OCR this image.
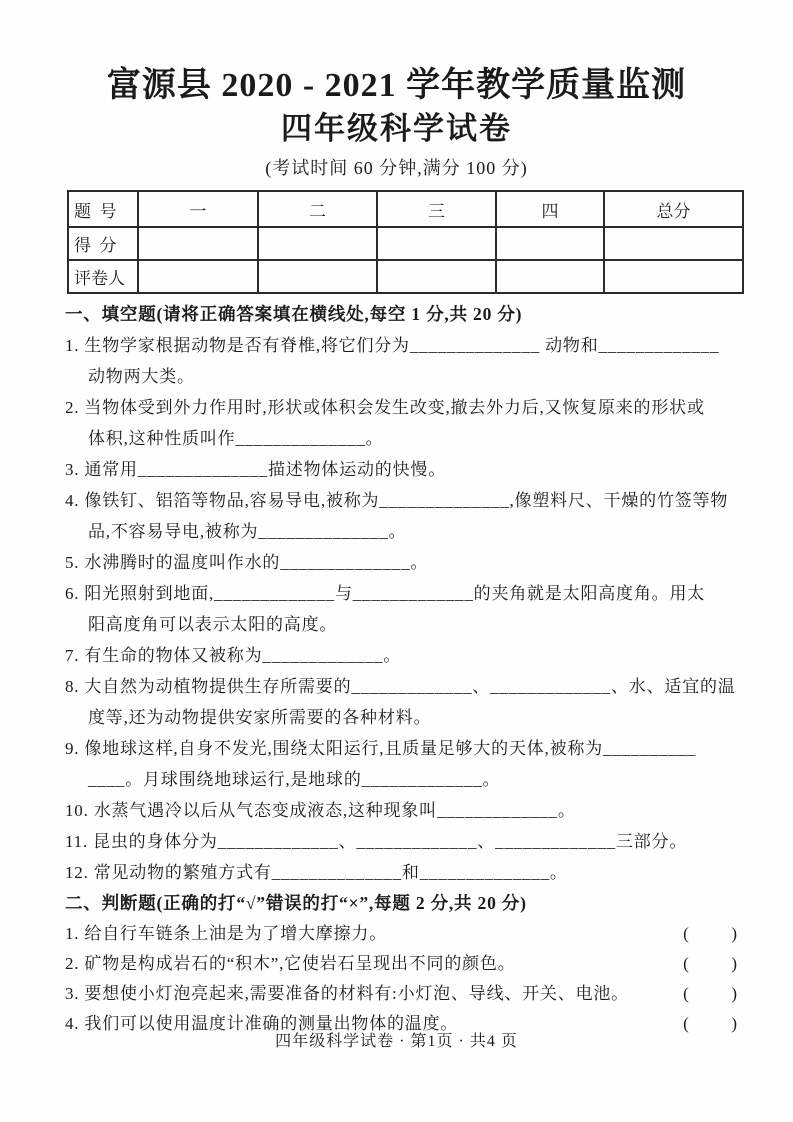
富源县 2020 - 2021 学年教学质量监测
四年级科学试卷
(考试时间 60 分钟,满分 100 分)
题  号	一	二	三	四	总分
得  分					
评卷人					
一、填空题(请将正确答案填在横线处,每空 1 分,共 20 分)
1. 生物学家根据动物是否有脊椎,将它们分为______________ 动物和_____________
动物两大类。
2. 当物体受到外力作用时,形状或体积会发生改变,撤去外力后,又恢复原来的形状或
体积,这种性质叫作______________。
3. 通常用______________描述物体运动的快慢。
4. 像铁钉、铝箔等物品,容易导电,被称为______________,像塑料尺、干燥的竹签等物
品,不容易导电,被称为______________。
5. 水沸腾时的温度叫作水的______________。
6. 阳光照射到地面,_____________与_____________的夹角就是太阳高度角。用太
阳高度角可以表示太阳的高度。
7. 有生命的物体又被称为_____________。
8. 大自然为动植物提供生存所需要的_____________、_____________、水、适宜的温
度等,还为动物提供安家所需要的各种材料。
9. 像地球这样,自身不发光,围绕太阳运行,且质量足够大的天体,被称为__________
____。月球围绕地球运行,是地球的_____________。
10. 水蒸气遇冷以后从气态变成液态,这种现象叫_____________。
11. 昆虫的身体分为_____________、_____________、_____________三部分。
12. 常见动物的繁殖方式有______________和______________。
二、判断题(正确的打“√”错误的打“×”,每题 2 分,共 20 分)
1. 给自行车链条上油是为了增大摩擦力。	(          )
2. 矿物是构成岩石的“积木”,它使岩石呈现出不同的颜色。	(          )
3. 要想使小灯泡亮起来,需要准备的材料有:小灯泡、导线、开关、电池。	(          )
4. 我们可以使用温度计准确的测量出物体的温度。	(          )
四年级科学试卷 · 第1页 · 共4 页
